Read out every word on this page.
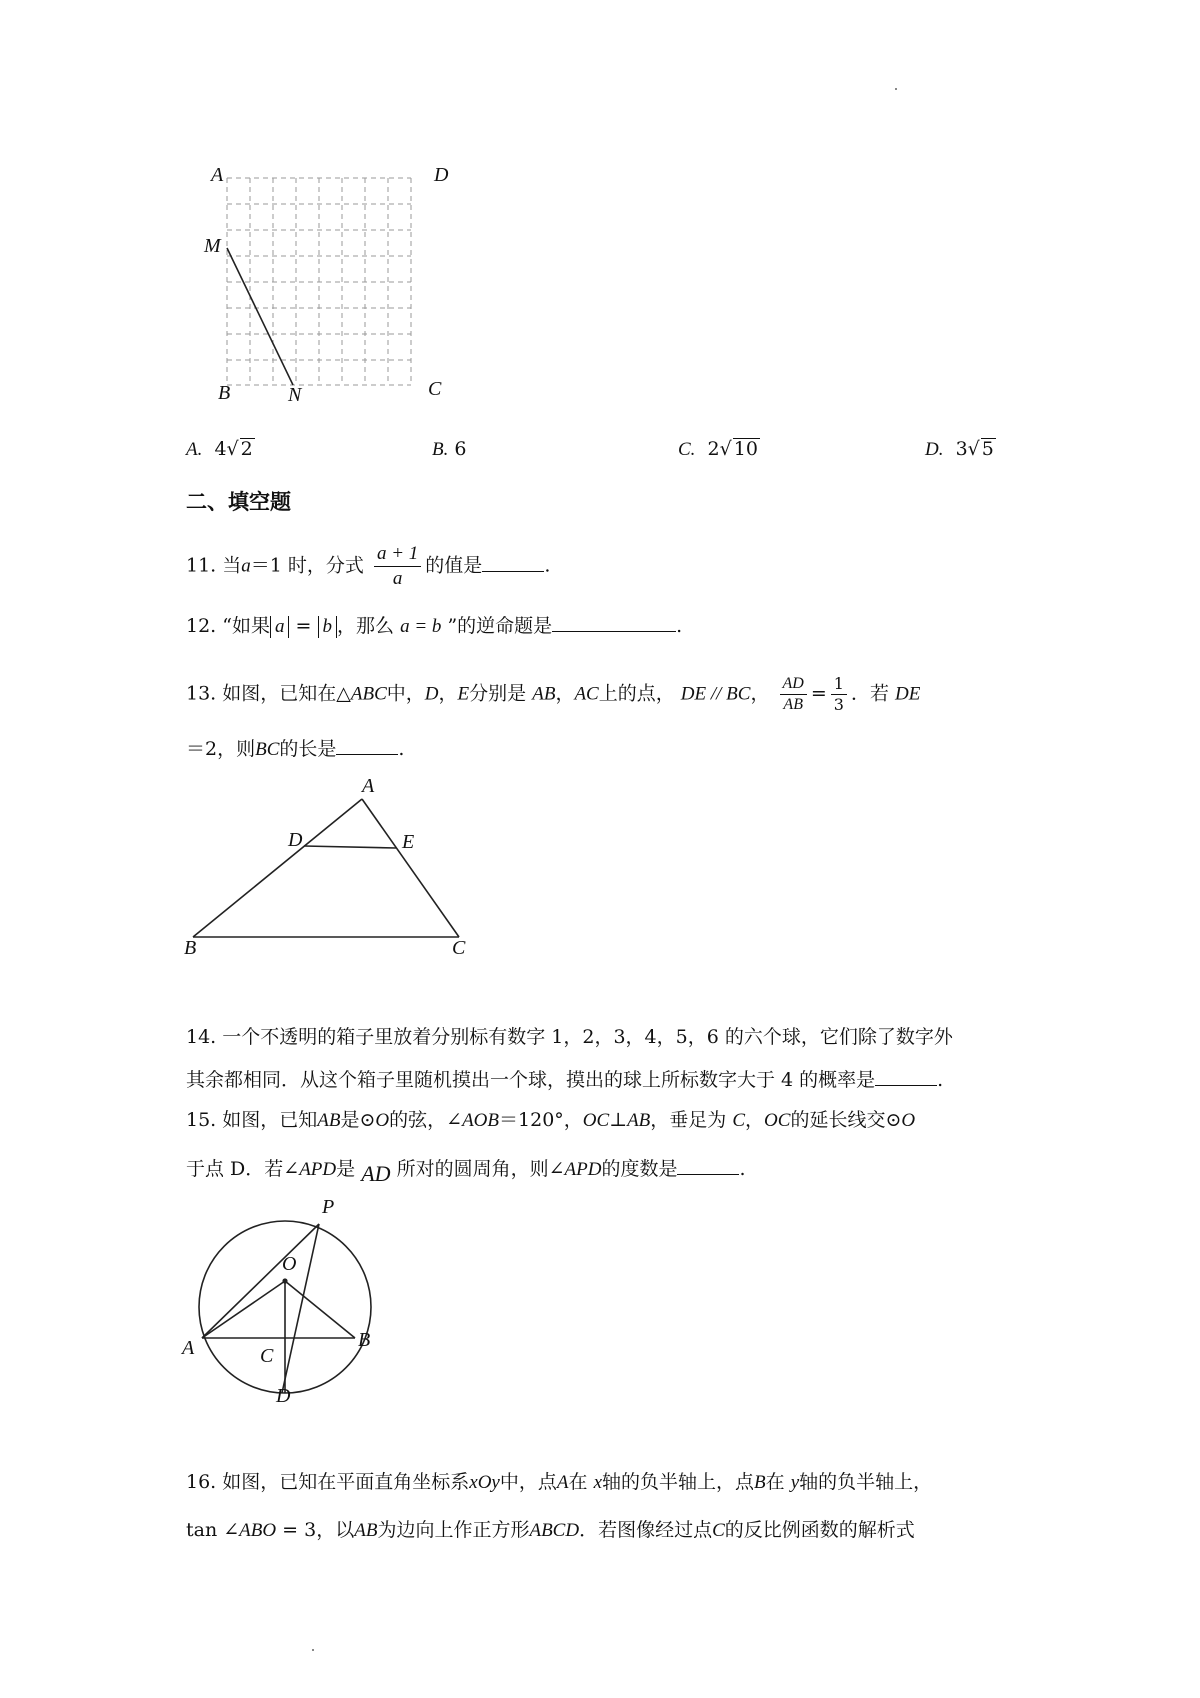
A	D
M
B	N	C
A. 4√ 2	B. 6	C. 2√ 10	D. 3√ 5
二、填空题
11. 当a＝1 时，分式 $\frac{a + 1}{a}$ 的值是	.
12. “如果 a = b ，那么 a = b ”的逆命题是	.
13. 如图，已知在△ABC中，D，E分别是 AB，AC上的点， DE // BC， $\frac{AD}{AB} = \frac{1}{3}$ ．若 DE
＝2，则BC的长是	.
A
D	E
B	C
14. 一个不透明的箱子里放着分别标有数字 1，2，3，4，5，6 的六个球，它们除了数字外
其余都相同．从这个箱子里随机摸出一个球，摸出的球上所标数字大于 4 的概率是	.
15. 如图，已知AB是⊙O的弦，∠AOB＝120°，OC⊥AB，垂足为 C，OC的延长线交⊙O
于点 D．若∠APD是 AD 所对的圆周角，则∠APD的度数是	.
P
O
A	B
C
D
16. 如图，已知在平面直角坐标系xOy中，点A在 x轴的负半轴上，点B在 y轴的负半轴上，
tan ∠ABO = 3，以AB为边向上作正方形ABCD．若图像经过点C的反比例函数的解析式
